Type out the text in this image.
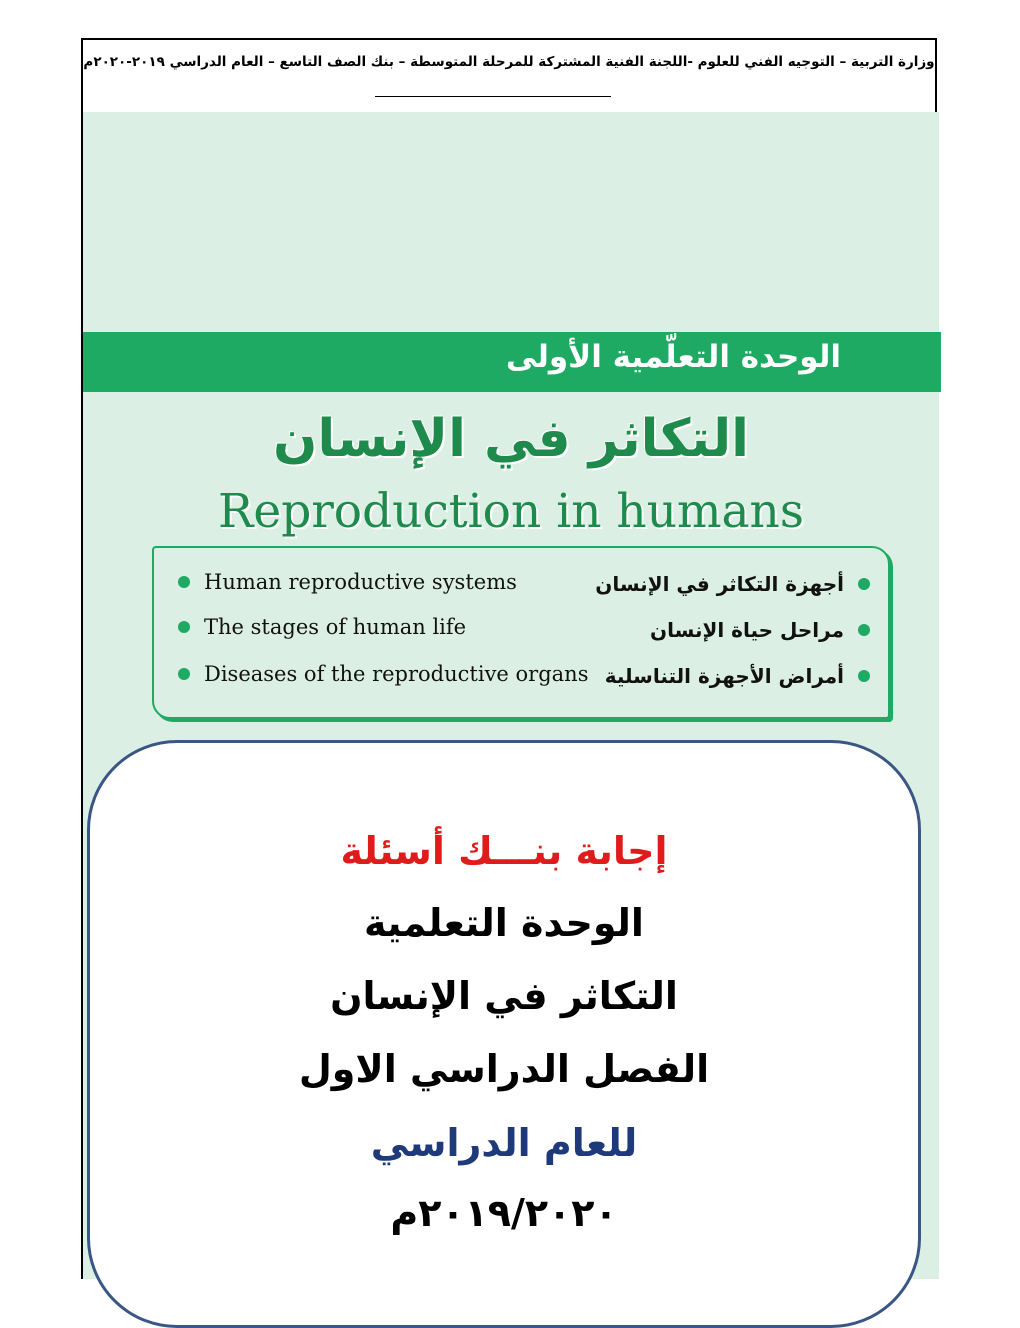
وزارة التربية – التوجيه الفني للعلوم -اللجنة الفنية المشتركة للمرحلة المتوسطة – بنك الصف التاسع – العام الدراسي ٢٠١٩-٢٠٢٠م
الوحدة التعلّمية الأولى
التكاثر في الإنسان
Reproduction in humans
Human reproductive systems	أجهزة التكاثر في الإنسان
The stages of human life	مراحل حياة الإنسان
Diseases of the reproductive organs أمراض الأجهزة التناسلية
إجابة بنـــك أسئلة
الوحدة التعلمية
التكاثر في الإنسان
الفصل الدراسي الاول
للعام الدراسي
٢٠١٩/٢٠٢٠م
